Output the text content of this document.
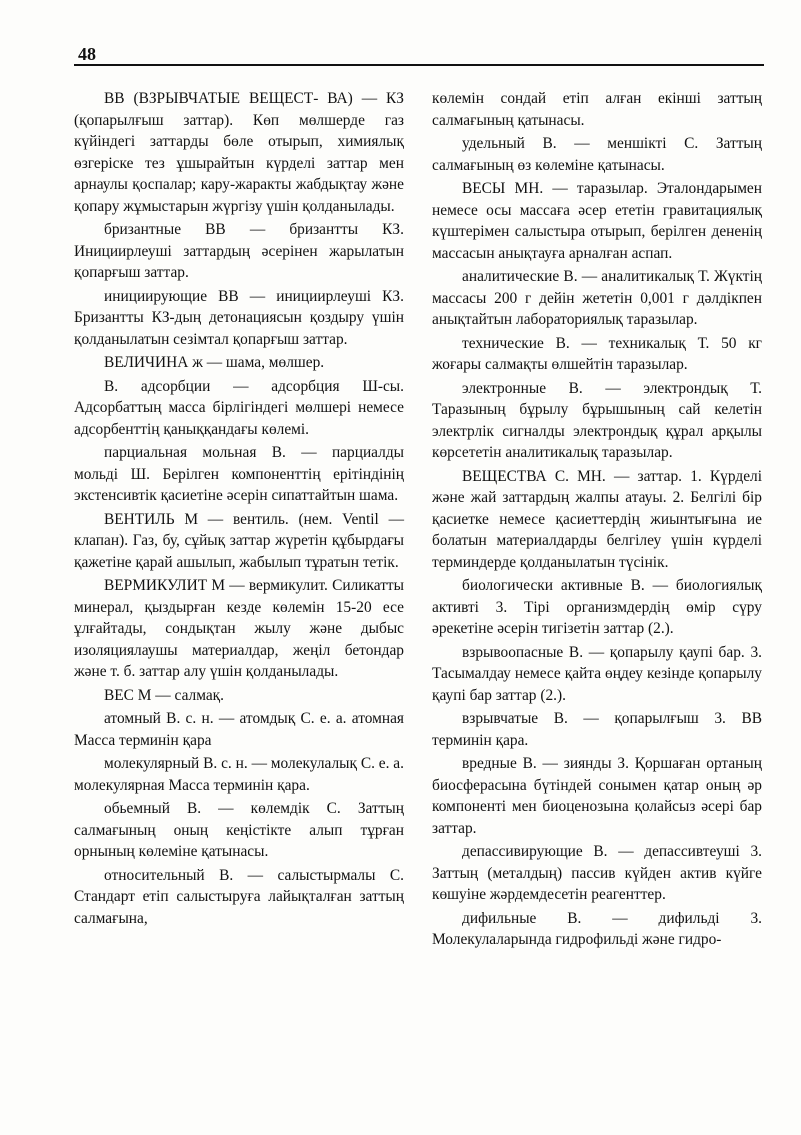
48

ВВ (ВЗРЫВЧАТЫЕ ВЕЩЕСТ- ВА) — КЗ (қопарылғыш заттар). Көп мөлшерде газ күйіндегі заттарды бөле отырып, химиялық өзгеріске тез ұшырайтын күрделі заттар мен арнаулы қоспалар; кару-жаракты жабдықтау және қопару жұмыстарын жүргізу үшін қолданылады.

бризантные ВВ — бризантты КЗ. Инициирлеуші заттардың әсерінен жарылатын қопарғыш заттар.

инициирующие ВВ — инициирлеуші КЗ. Бризантты КЗ-дың детонациясын қоздыру үшін қолданылатын сезімтал қопарғыш заттар.

ВЕЛИЧИНА ж — шама, мөлшер.

В. адсорбции — адсорбция Ш-сы. Адсорбаттың масса бірлігіндегі мөлшері немесе адсорбенттің қаныққандағы көлемі.

парциальная мольная В. — парциалды мольді Ш. Берілген компоненттің ерітіндінің экстенсивтік қасиетіне әсерін сипаттайтын шама.

ВЕНТИЛЬ М — вентиль. (нем. Ventil — клапан). Газ, бу, сұйық заттар жүретін құбырдағы қажетіне қарай ашылып, жабылып тұратын тетік.

ВЕРМИКУЛИТ М — вермикулит. Силикатты минерал, қыздырған кезде көлемін 15-20 есе ұлғайтады, сондықтан жылу және дыбыс изоляциялаушы материалдар, жеңіл бетондар және т. б. заттар алу үшін қолданылады.

ВЕС М — салмақ.

атомный В. с. н. — атомдық С. е. а. атомная Масса терминін қара

молекулярный В. с. н. — молекулалық С. е. а. молекулярная Масса терминін қара.

обьемный В. — көлемдік С. Заттың салмағының оның кеңістікте алып тұрған орнының көлеміне қатынасы.

относительный В. — салыстырмалы С. Стандарт етіп салыстыруға лайықталған заттың салмағына,

көлемін сондай етіп алған екінші заттың салмағының қатынасы.

удельный В. — меншікті С. Заттың салмағының өз көлеміне қатынасы.

ВЕСЫ МН. — таразылар. Эталондарымен немесе осы массаға әсер ететін гравитациялық күштерімен салыстыра отырып, берілген дененің массасын анықтауға арналған аспап.

аналитические В. — аналитикалық Т. Жүктің массасы 200 г дейін жететін 0,001 г дәлдікпен анықтайтын лабораториялық таразылар.

технические В. — техникалық Т. 50 кг жоғары салмақты өлшейтін таразылар.

электронные В. — электрондық Т. Таразының бұрылу бұрышының сай келетін электрлік сигналды электрондық құрал арқылы көрсететін аналитикалық таразылар.

ВЕЩЕСТВА С. МН. — заттар. 1. Күрделі және жай заттардың жалпы атауы. 2. Белгілі бір қасиетке немесе қасиеттердің жиынтығына ие болатын материалдарды белгілеу үшін күрделі терминдерде қолданылатын түсінік.

биологически активные В. — биологиялық активті 3. Тірі организмдердің өмір сүру әрекетіне әсерін тигізетін заттар (2.).

взрывоопасные В. — қопарылу қаупі бар. 3. Тасымалдау немесе қайта өңдеу кезінде қопарылу қаупі бар заттар (2.).

взрывчатые В. — қопарылғыш 3. ВВ терминін қара.

вредные В. — зиянды З. Қоршаған ортаның биосферасына бүтіндей сонымен қатар оның әр компоненті мен биоценозына қолайсыз әсері бар заттар.

депассивирующие В. — депассивтеуші 3. Заттың (металдың) пассив күйден актив күйге көшуіне жәрдемдесетін реагенттер.

дифильные В. — дифильді 3. Молекулаларында гидрофильді және гидро-
